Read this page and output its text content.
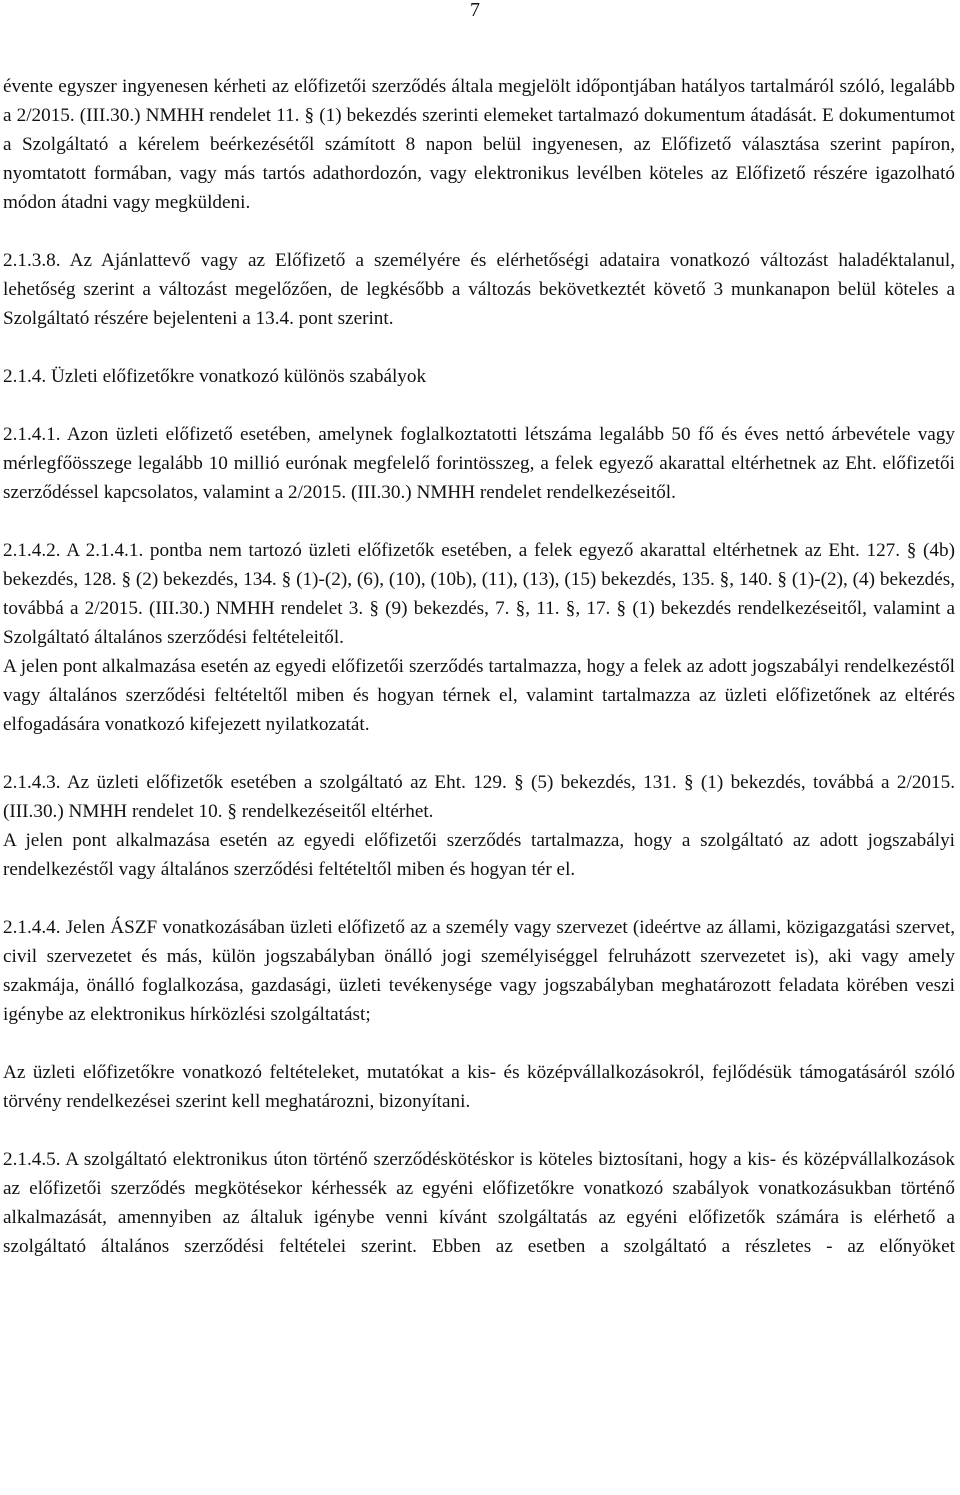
7

évente egyszer ingyenesen kérheti az előfizetői szerződés általa megjelölt időpontjában hatályos tartalmáról szóló, legalább a 2/2015. (III.30.) NMHH rendelet 11. § (1) bekezdés szerinti elemeket tartalmazó dokumentum átadását. E dokumentumot a Szolgáltató a kérelem beérkezésétől számított 8 napon belül ingyenesen, az Előfizető választása szerint papíron, nyomtatott formában, vagy más tartós adathordozón, vagy elektronikus levélben köteles az Előfizető részére igazolható módon átadni vagy megküldeni.

2.1.3.8. Az Ajánlattevő vagy az Előfizető a személyére és elérhetőségi adataira vonatkozó változást haladéktalanul, lehetőség szerint a változást megelőzően, de legkésőbb a változás bekövetkeztét követő 3 munkanapon belül köteles a Szolgáltató részére bejelenteni a 13.4. pont szerint.

2.1.4. Üzleti előfizetőkre vonatkozó különös szabályok

2.1.4.1. Azon üzleti előfizető esetében, amelynek foglalkoztatotti létszáma legalább 50 fő és éves nettó árbevétele vagy mérlegfőösszege legalább 10 millió eurónak megfelelő forintösszeg, a felek egyező akarattal eltérhetnek az Eht. előfizetői szerződéssel kapcsolatos, valamint a 2/2015. (III.30.) NMHH rendelet rendelkezéseitől.

2.1.4.2. A 2.1.4.1. pontba nem tartozó üzleti előfizetők esetében, a felek egyező akarattal eltérhetnek az Eht. 127. § (4b) bekezdés, 128. § (2) bekezdés, 134. § (1)-(2), (6), (10), (10b), (11), (13), (15) bekezdés, 135. §, 140. § (1)-(2), (4) bekezdés, továbbá a 2/2015. (III.30.) NMHH rendelet 3. § (9) bekezdés, 7. §, 11. §, 17. § (1) bekezdés rendelkezéseitől, valamint a Szolgáltató általános szerződési feltételeitől.

A jelen pont alkalmazása esetén az egyedi előfizetői szerződés tartalmazza, hogy a felek az adott jogszabályi rendelkezéstől vagy általános szerződési feltételtől miben és hogyan térnek el, valamint tartalmazza az üzleti előfizetőnek az eltérés elfogadására vonatkozó kifejezett nyilatkozatát.

2.1.4.3. Az üzleti előfizetők esetében a szolgáltató az Eht. 129. § (5) bekezdés, 131. § (1) bekezdés, továbbá a 2/2015. (III.30.) NMHH rendelet 10. § rendelkezéseitől eltérhet.

A jelen pont alkalmazása esetén az egyedi előfizetői szerződés tartalmazza, hogy a szolgáltató az adott jogszabályi rendelkezéstől vagy általános szerződési feltételtől miben és hogyan tér el.

2.1.4.4. Jelen ÁSZF vonatkozásában üzleti előfizető az a személy vagy szervezet (ideértve az állami, közigazgatási szervet, civil szervezetet és más, külön jogszabályban önálló jogi személyiséggel felruházott szervezetet is), aki vagy amely szakmája, önálló foglalkozása, gazdasági, üzleti tevékenysége vagy jogszabályban meghatározott feladata körében veszi igénybe az elektronikus hírközlési szolgáltatást;

Az üzleti előfizetőkre vonatkozó feltételeket, mutatókat a kis- és középvállalkozásokról, fejlődésük támogatásáról szóló törvény rendelkezései szerint kell meghatározni, bizonyítani.

2.1.4.5. A szolgáltató elektronikus úton történő szerződéskötéskor is köteles biztosítani, hogy a kis- és középvállalkozások az előfizetői szerződés megkötésekor kérhessék az egyéni előfizetőkre vonatkozó szabályok vonatkozásukban történő alkalmazását, amennyiben az általuk igénybe venni kívánt szolgáltatás az egyéni előfizetők számára is elérhető a szolgáltató általános szerződési feltételei szerint. Ebben az esetben a szolgáltató a részletes - az előnyöket
